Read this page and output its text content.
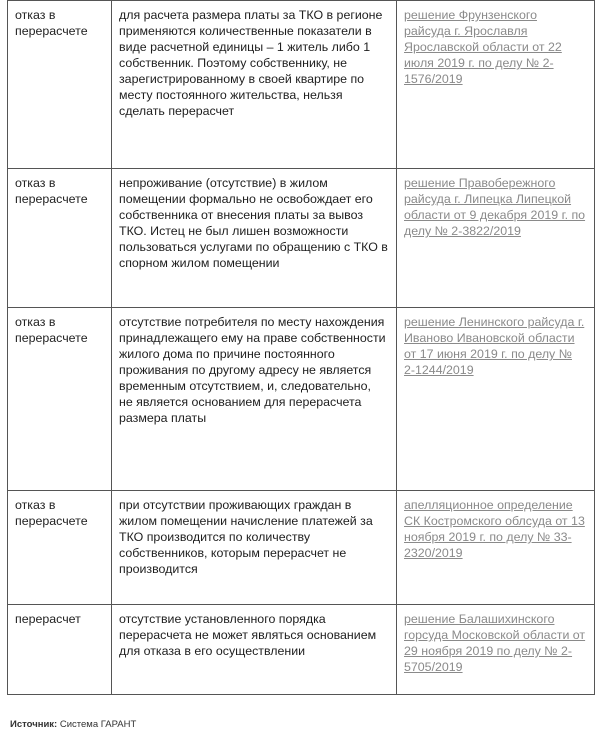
отказ в перерасчете	для расчета размера платы за ТКО в регионе применяются количественные показатели в виде расчетной единицы – 1 житель либо 1 собственник. Поэтому собственнику, не зарегистрированному в своей квартире по месту постоянного жительства, нельзя сделать перерасчет	решение Фрунзенского райсуда г. Ярославля Ярославской области от 22 июля 2019 г. по делу № 2-1576/2019

отказ в перерасчете	непроживание (отсутствие) в жилом помещении формально не освобождает его собственника от внесения платы за вывоз ТКО. Истец не был лишен возможности пользоваться услугами по обращению с ТКО в спорном жилом помещении	решение Правобережного райсуда г. Липецка Липецкой области от 9 декабря 2019 г. по делу № 2-3822/2019

отказ в перерасчете	отсутствие потребителя по месту нахождения принадлежащего ему на праве собственности жилого дома по причине постоянного проживания по другому адресу не является временным отсутствием, и, следовательно, не является основанием для перерасчета размера платы	решение Ленинского райсуда г. Иваново Ивановской области от 17 июня 2019 г. по делу № 2-1244/2019

отказ в перерасчете	при отсутствии проживающих граждан в жилом помещении начисление платежей за ТКО производится по количеству собственников, которым перерасчет не производится	апелляционное определение СК Костромского облсуда от 13 ноября 2019 г. по делу № 33-2320/2019

перерасчет	отсутствие установленного порядка перерасчета не может являться основанием для отказа в его осуществлении	решение Балашихинского горсуда Московской области от 29 ноября 2019 по делу № 2-5705/2019
Источник: Система ГАРАНТ
